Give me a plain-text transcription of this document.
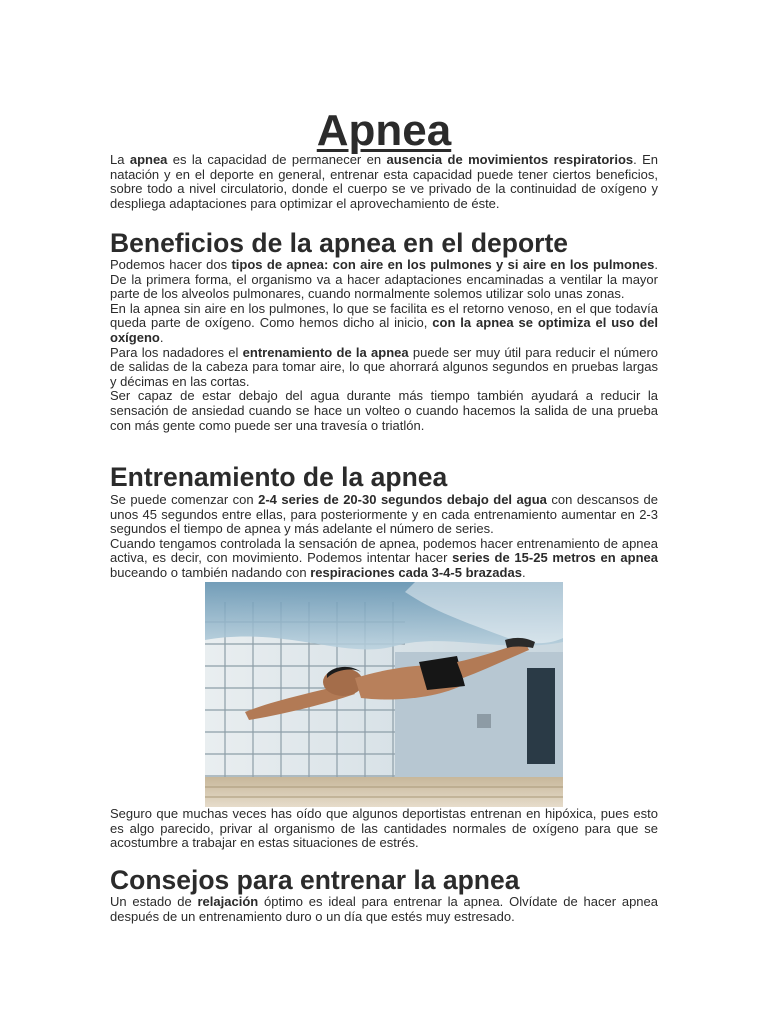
Apnea

La apnea es la capacidad de permanecer en ausencia de movimientos respiratorios. En natación y en el deporte en general, entrenar esta capacidad puede tener ciertos beneficios, sobre todo a nivel circulatorio, donde el cuerpo se ve privado de la continuidad de oxígeno y despliega adaptaciones para optimizar el aprovechamiento de éste.

Beneficios de la apnea en el deporte

Podemos hacer dos tipos de apnea: con aire en los pulmones y si aire en los pulmones. De la primera forma, el organismo va a hacer adaptaciones encaminadas a ventilar la mayor parte de los alveolos pulmonares, cuando normalmente solemos utilizar solo unas zonas.

En la apnea sin aire en los pulmones, lo que se facilita es el retorno venoso, en el que todavía queda parte de oxígeno. Como hemos dicho al inicio, con la apnea se optimiza el uso del oxígeno.

Para los nadadores el entrenamiento de la apnea puede ser muy útil para reducir el número de salidas de la cabeza para tomar aire, lo que ahorrará algunos segundos en pruebas largas y décimas en las cortas.

Ser capaz de estar debajo del agua durante más tiempo también ayudará a reducir la sensación de ansiedad cuando se hace un volteo o cuando hacemos la salida de una prueba con más gente como puede ser una travesía o triatlón.

Entrenamiento de la apnea

Se puede comenzar con 2-4 series de 20-30 segundos debajo del agua con descansos de unos 45 segundos entre ellas, para posteriormente y en cada entrenamiento aumentar en 2-3 segundos el tiempo de apnea y más adelante el número de series.

Cuando tengamos controlada la sensación de apnea, podemos hacer entrenamiento de apnea activa, es decir, con movimiento. Podemos intentar hacer series de 15-25 metros en apnea buceando o también nadando con respiraciones cada 3-4-5 brazadas.

Seguro que muchas veces has oído que algunos deportistas entrenan en hipóxica, pues esto es algo parecido, privar al organismo de las cantidades normales de oxígeno para que se acostumbre a trabajar en estas situaciones de estrés.

Consejos para entrenar la apnea

Un estado de relajación óptimo es ideal para entrenar la apnea. Olvídate de hacer apnea después de un entrenamiento duro o un día que estés muy estresado.
